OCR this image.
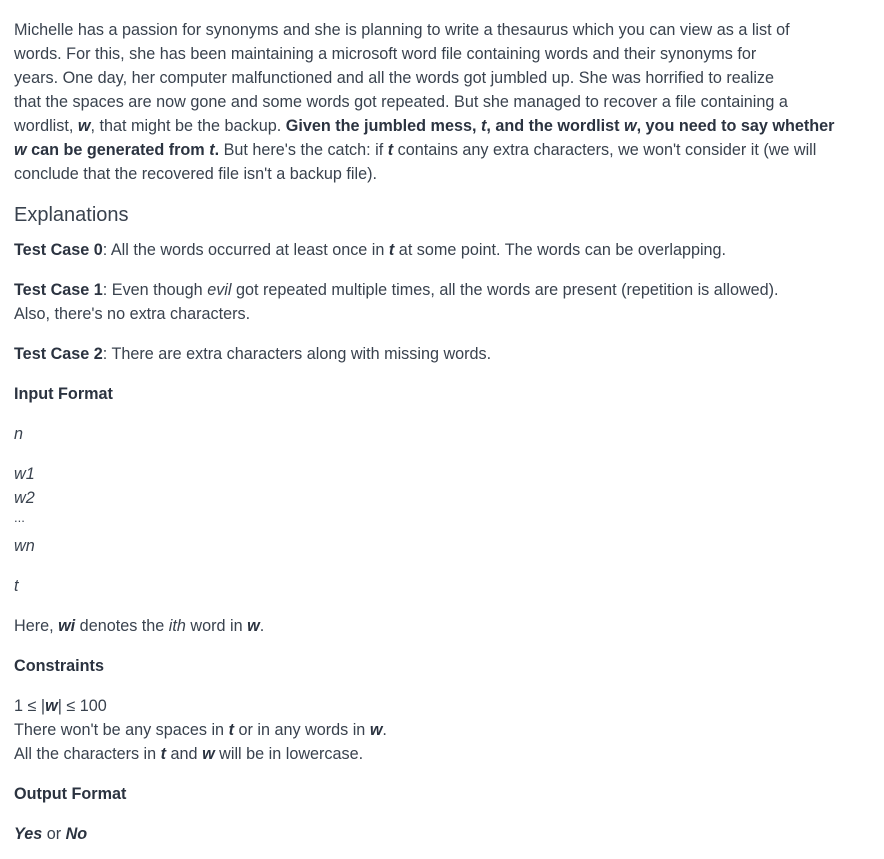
Michelle has a passion for synonyms and she is planning to write a thesaurus which you can view as a list of
words. For this, she has been maintaining a microsoft word file containing words and their synonyms for
years. One day, her computer malfunctioned and all the words got jumbled up. She was horrified to realize
that the spaces are now gone and some words got repeated. But she managed to recover a file containing a
wordlist, w, that might be the backup. Given the jumbled mess, t, and the wordlist w, you need to say whether
w can be generated from t. But here's the catch: if t contains any extra characters, we won't consider it (we will
conclude that the recovered file isn't a backup file).
Explanations
Test Case 0: All the words occurred at least once in t at some point. The words can be overlapping.
Test Case 1: Even though evil got repeated multiple times, all the words are present (repetition is allowed).
Also, there's no extra characters.
Test Case 2: There are extra characters along with missing words.
Input Format
n
w1
w2
...
wn
t
Here, wi denotes the ith word in w.
Constraints
1 ≤ |w| ≤ 100
There won't be any spaces in t or in any words in w.
All the characters in t and w will be in lowercase.
Output Format
Yes or No
